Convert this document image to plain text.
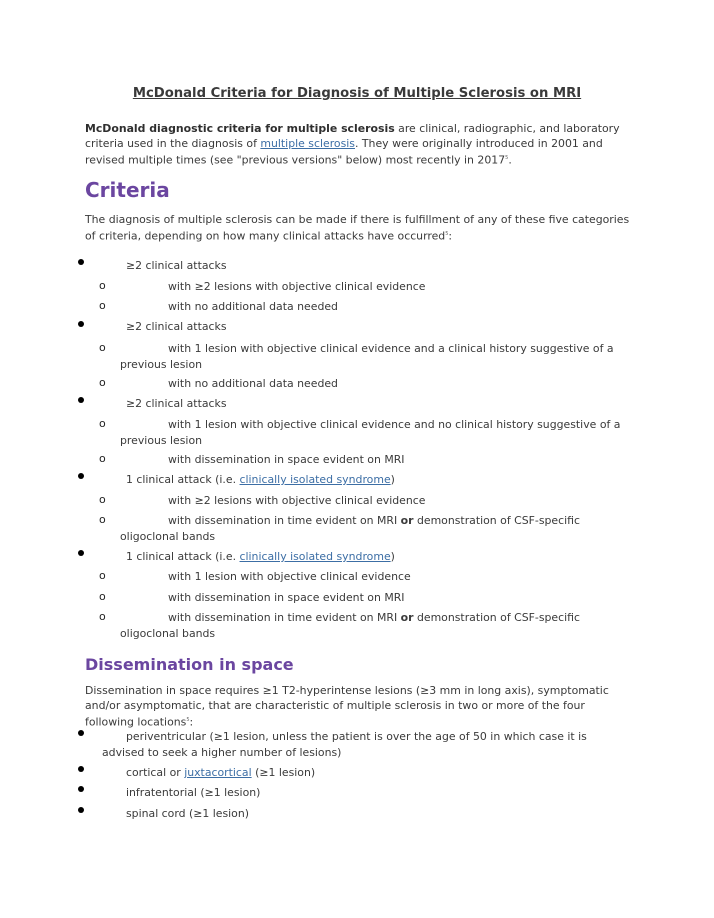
McDonald Criteria for Diagnosis of Multiple Sclerosis on MRI
McDonald diagnostic criteria for multiple sclerosis are clinical, radiographic, and laboratory criteria used in the diagnosis of multiple sclerosis. They were originally introduced in 2001 and revised multiple times (see "previous versions" below) most recently in 2017$^5$.
Criteria
The diagnosis of multiple sclerosis can be made if there is fulfillment of any of these five categories of criteria, depending on how many clinical attacks have occurred$^5$:
≥2 clinical attacks
o	with ≥2 lesions with objective clinical evidence
o	with no additional data needed
≥2 clinical attacks
o	with 1 lesion with objective clinical evidence and a clinical history suggestive of a previous lesion
o	with no additional data needed
≥2 clinical attacks
o	with 1 lesion with objective clinical evidence and no clinical history suggestive of a previous lesion
o	with dissemination in space evident on MRI
1 clinical attack (i.e. clinically isolated syndrome)
o	with ≥2 lesions with objective clinical evidence
o	with dissemination in time evident on MRI or demonstration of CSF-specific oligoclonal bands
1 clinical attack (i.e. clinically isolated syndrome)
o	with 1 lesion with objective clinical evidence
o	with dissemination in space evident on MRI
o	with dissemination in time evident on MRI or demonstration of CSF-specific oligoclonal bands
Dissemination in space
Dissemination in space requires ≥1 T2-hyperintense lesions (≥3 mm in long axis), symptomatic and/or asymptomatic, that are characteristic of multiple sclerosis in two or more of the four following locations$^5$:
periventricular (≥1 lesion, unless the patient is over the age of 50 in which case it is advised to seek a higher number of lesions)
cortical or juxtacortical (≥1 lesion)
infratentorial (≥1 lesion)
spinal cord (≥1 lesion)
